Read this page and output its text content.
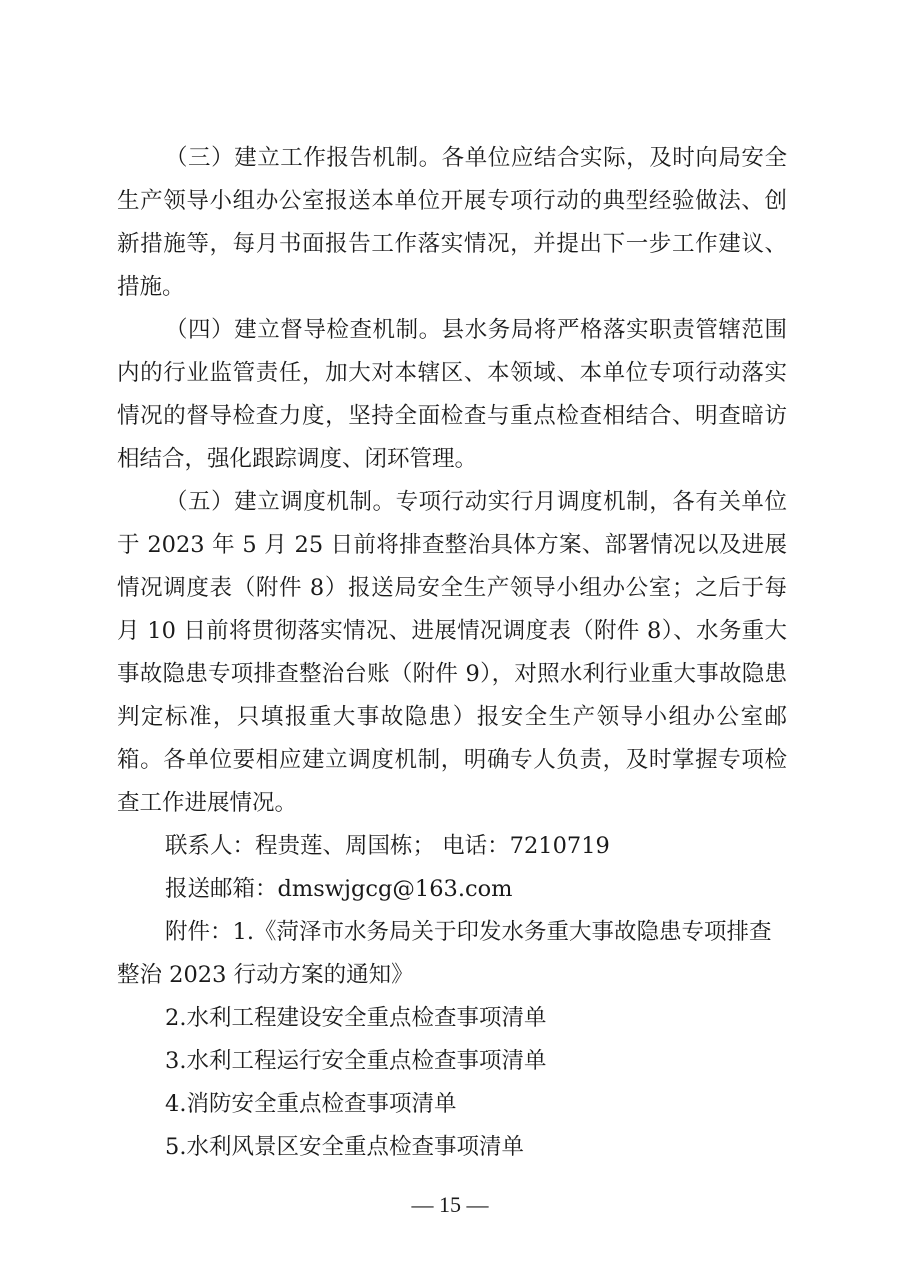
（三）建立工作报告机制。各单位应结合实际，及时向局安全生产领导小组办公室报送本单位开展专项行动的典型经验做法、创新措施等，每月书面报告工作落实情况，并提出下一步工作建议、措施。

（四）建立督导检查机制。县水务局将严格落实职责管辖范围内的行业监管责任，加大对本辖区、本领域、本单位专项行动落实情况的督导检查力度，坚持全面检查与重点检查相结合、明查暗访相结合，强化跟踪调度、闭环管理。

（五）建立调度机制。专项行动实行月调度机制，各有关单位于 2023 年 5 月 25 日前将排查整治具体方案、部署情况以及进展情况调度表（附件 8）报送局安全生产领导小组办公室；之后于每月 10 日前将贯彻落实情况、进展情况调度表（附件 8）、水务重大事故隐患专项排查整治台账（附件 9），对照水利行业重大事故隐患判定标准，只填报重大事故隐患）报安全生产领导小组办公室邮箱。各单位要相应建立调度机制，明确专人负责，及时掌握专项检查工作进展情况。

联系人：程贵莲、周国栋； 电话：7210719

报送邮箱：dmswjgcg@163.com

附件：1.《菏泽市水务局关于印发水务重大事故隐患专项排查整治 2023 行动方案的通知》

2.水利工程建设安全重点检查事项清单

3.水利工程运行安全重点检查事项清单

4.消防安全重点检查事项清单

5.水利风景区安全重点检查事项清单

— 15 —
